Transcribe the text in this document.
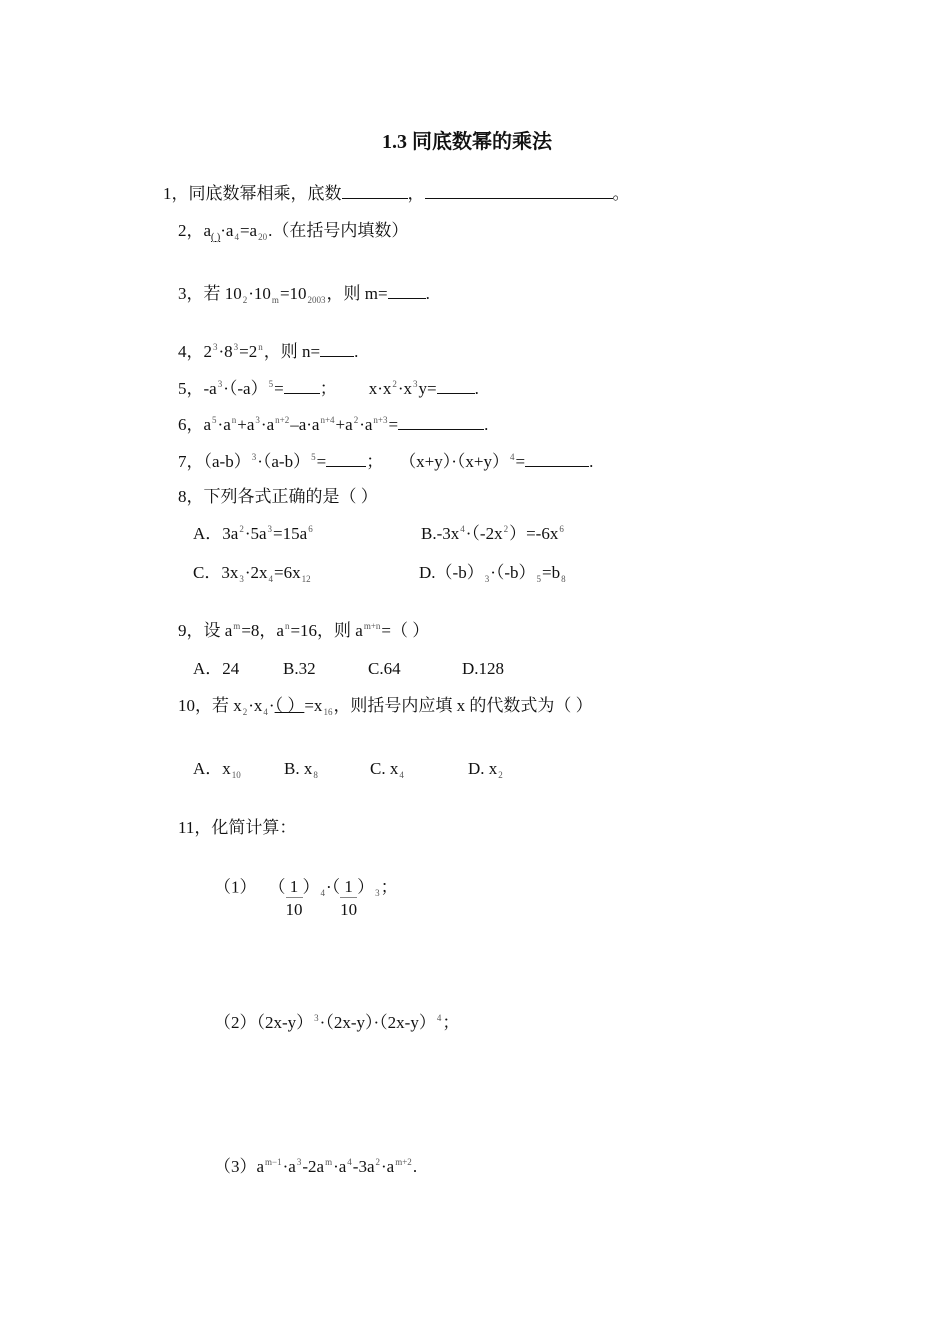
1.3 同底数幂的乘法
1，同底数幂相乘，底数	，	。
2，a( )$\cdot a_4=a_{20}$.（在括号内填数）
3，若 $10_2\cdot 10_m=10_{2003}$，则 m= .
4，$2^3\cdot 8^3=2^n$，则 n= .
5，$-a^3\cdot(-a)^5=$ ； $x\cdot x^2\cdot x^3y=$ .
6，$a^5\cdot a^n+a^3\cdot a^{n+2}-a\cdot a^{n+4}+a^2\cdot a^{n+3}=$	.
7，$(a-b)^3\cdot(a-b)^5=$ ； $(x+y)\cdot(x+y)^4=$	.
8，下列各式正确的是（ ）
A．$3a^2\cdot 5a^3=15a^6$	$B.-3x^4\cdot(-2x^2)=-6x^6$
C．$3x_3\cdot 2x_4=6x_{12}$	$D.(-b)_3\cdot(-b)_5=b_8$
9，设 $a^m=8$，$a^n=16$，则 $a^{m+n}=$（ ）
A．24	B.32	C.64	D.128
10，若 $x_2\cdot x_4\cdot$（ ）$=x_{16}$，则括号内应填 x 的代数式为（ ）
A．$x_{10}$	B. $x_8$	C. $x_4$	D. $x_2$
11，化简计算：
（1） （ $\frac{1}{10} )_4\cdot( \frac{1}{10} )_3$；
$(2)(2x-y)^3\cdot(2x-y)\cdot(2x-y)^4$；
$(3)a^{m-1}\cdot a^3-2a^m\cdot a^4-3a^2\cdot a^{m+2}$.
